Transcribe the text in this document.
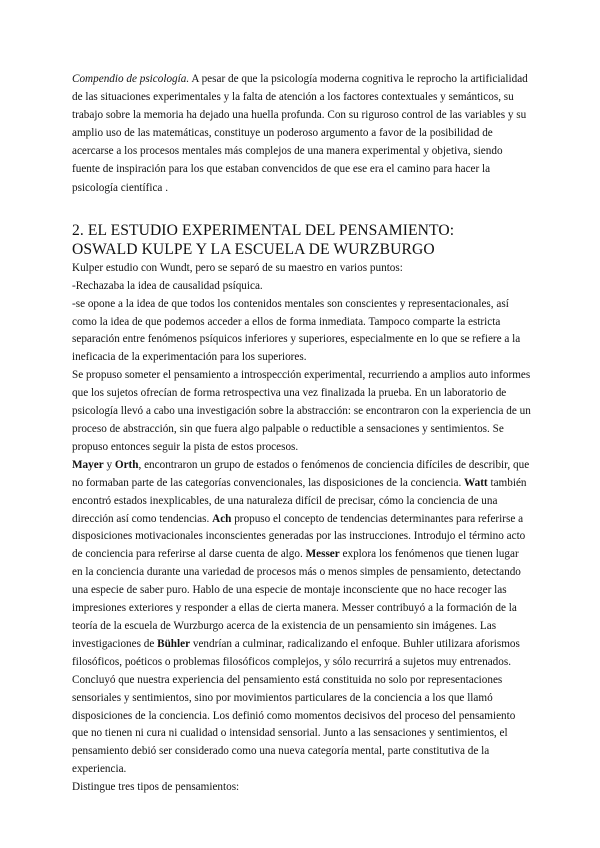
Compendio de psicología. A pesar de que la psicología moderna cognitiva le reprocho la artificialidad de las situaciones experimentales y la falta de atención a los factores contextuales y semánticos, su trabajo sobre la memoria ha dejado una huella profunda. Con su riguroso control de las variables y su amplio uso de las matemáticas, constituye un poderoso argumento a favor de la posibilidad de acercarse a los procesos mentales más complejos de una manera experimental y objetiva, siendo fuente de inspiración para los que estaban convencidos de que ese era el camino para hacer la psicología científica .

2. EL ESTUDIO EXPERIMENTAL DEL PENSAMIENTO:
OSWALD KULPE Y LA ESCUELA DE WURZBURGO

Kulper estudio con Wundt, pero se separó de su maestro en varios puntos:

-Rechazaba la idea de causalidad psíquica.

-se opone a la idea de que todos los contenidos mentales son conscientes y representacionales, así como la idea de que podemos acceder a ellos de forma inmediata. Tampoco comparte la estricta separación entre fenómenos psíquicos inferiores y superiores, especialmente en lo que se refiere a la ineficacia de la experimentación para los superiores.

Se propuso someter el pensamiento a introspección experimental, recurriendo a amplios auto informes que los sujetos ofrecían de forma retrospectiva una vez finalizada la prueba. En un laboratorio de psicología llevó a cabo una investigación sobre la abstracción: se encontraron con la experiencia de un proceso de abstracción, sin que fuera algo palpable o reductible a sensaciones y sentimientos. Se propuso entonces seguir la pista de estos procesos.

Mayer y Orth, encontraron un grupo de estados o fenómenos de conciencia difíciles de describir, que no formaban parte de las categorías convencionales, las disposiciones de la conciencia. Watt también encontró estados inexplicables, de una naturaleza difícil de precisar, cómo la conciencia de una dirección así como tendencias. Ach propuso el concepto de tendencias determinantes para referirse a disposiciones motivacionales inconscientes generadas por las instrucciones. Introdujo el término acto de conciencia para referirse al darse cuenta de algo. Messer explora los fenómenos que tienen lugar en la conciencia durante una variedad de procesos más o menos simples de pensamiento, detectando una especie de saber puro. Hablo de una especie de montaje inconsciente que no hace recoger las impresiones exteriores y responder a ellas de cierta manera. Messer contribuyó a la formación de la teoría de la escuela de Wurzburgo acerca de la existencia de un pensamiento sin imágenes. Las investigaciones de Bühler vendrían a culminar, radicalizando el enfoque. Buhler utilizara aforismos filosóficos, poéticos o problemas filosóficos complejos, y sólo recurrirá a sujetos muy entrenados. Concluyó que nuestra experiencia del pensamiento está constituida no solo por representaciones sensoriales y sentimientos, sino por movimientos particulares de la conciencia a los que llamó disposiciones de la conciencia. Los definió como momentos decisivos del proceso del pensamiento que no tienen ni cura ni cualidad o intensidad sensorial. Junto a las sensaciones y sentimientos, el pensamiento debió ser considerado como una nueva categoría mental, parte constitutiva de la experiencia.

Distingue tres tipos de pensamientos:
